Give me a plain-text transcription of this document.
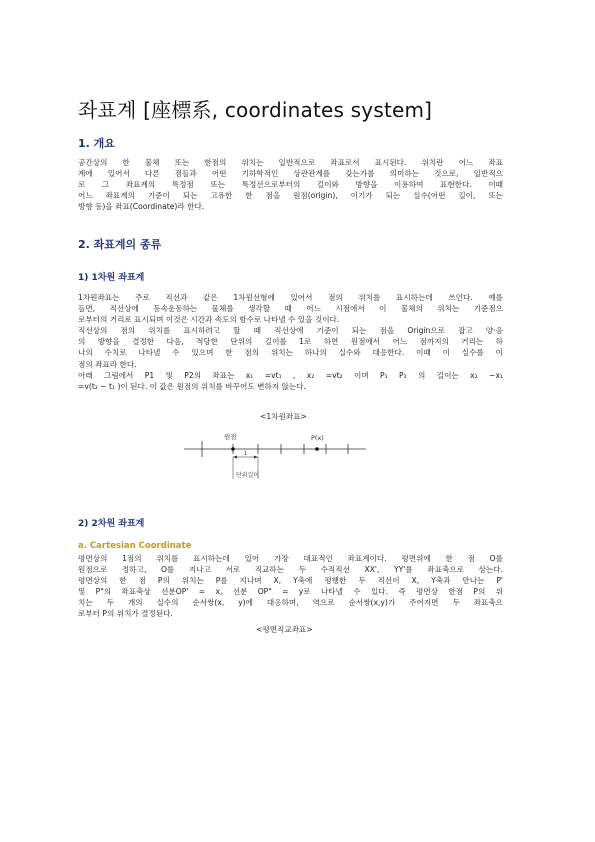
좌표계 [座標系, coordinates system]
1. 개요

공간상의 한 물체 또는 한점의 위치는 일반적으로 좌표로서 표시된다. 위치란 어느 좌표
계에 있어서 다른 점들과 어떤 기하학적인 상관관계를 갖는가를 의미하는 것으로, 일반적으
로 그 좌표계의 특정점 또는 특정선으로부터의 길이와 방향을 이용하여 표현한다. 이때
어느 좌표계의 기준이 되는 고유한 한 점을 원점(origin), 이기가 되는 실수(어떤 길이, 또는
방향 등)을 좌표(Coordinate)라 한다.

2. 좌표계의 종류
1) 1차원 좌표계

1차원좌표는 주로 직선과 같은 1차원선형에 있어서 점의 위치를 표시하는데 쓰인다. 예를
들면, 직선상에 등속운동하는 물체를 생각할 때 어느 시점에서 이 물체의 위치는 기준점으
로부터의 거리로 표시되며 이것은 시간과 속도의 함수로 나타낼 수 있을 것이다.
직선상의 점의 위치를 표시하려고 할 때 직선상에 기준이 되는 점을 Origin으로 잡고 양·음
의 방향을 결정한 다음, 적당한 단위의 길이를 1로 하면 원점에서 어느 점까지의 거리는 하
나의 수치로 나타낼 수 있으며 한 점의 위치는 하나의 실수와 대응한다. 이때 이 실수를 이
점의 좌표라 한다.
아래 그림에서 P1 및 P2의 좌표는 x₁ =vt₁ , x₂ =vt₂ 이며 P₁ P₂ 의 길이는 x₂ −x₁
=v(t₂ − t₁ )이 된다. 이 값은 원점의 위치를 바꾸어도 변하지 않는다.

<1차원좌표>
원점	P(x)
1
단위길이
2) 2차원 좌표계
a. Cartesian Coordinate

평면상의 1점의 위치를 표시하는데 있어 가장 대표적인 좌표계이다. 평면위에 한 점 O를
원점으로 정하고, O를 지나고 서로 직교하는 두 수직직선 XX', YY'를 좌표축으로 삼는다.
평면상의 한 점 P의 위치는 P를 지나며 X, Y축에 평행한 두 직선이 X, Y축과 만나는 P'
및 P"의 좌표축상 선분OP' = x, 선분 OP" = y로 나타낼 수 있다. 즉 평면상 한점 P의 위
치는 두 개의 실수의 순서쌍(x, y)에 대응하며, 역으로 순서쌍(x,y)가 주어지면 두 좌표축으
로부터 P의 위치가 결정된다.

<평면직교좌표>
